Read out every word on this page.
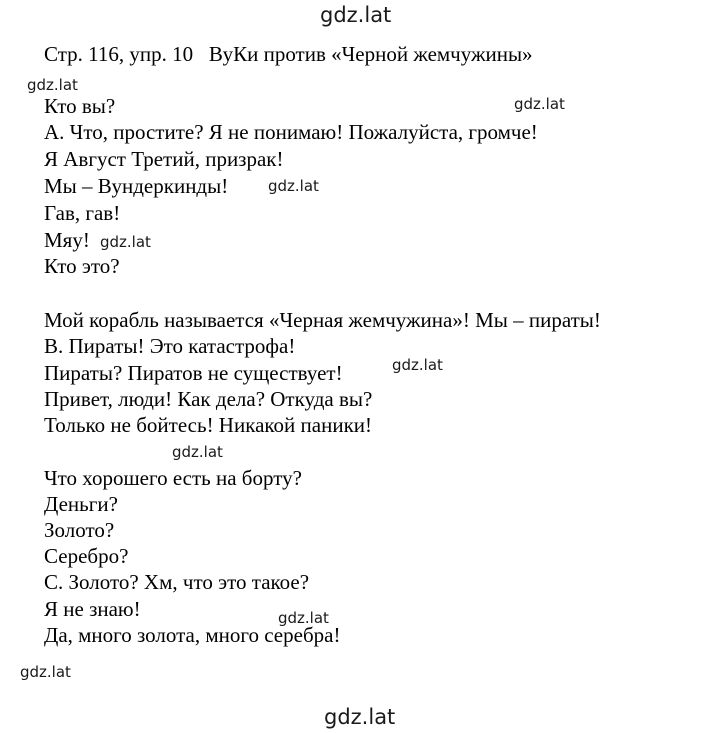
gdz.lat
gdz.lat
gdz.lat
gdz.lat
gdz.lat
gdz.lat
gdz.lat
gdz.lat
gdz.lat
gdz.lat
Стр. 116, упр. 10   ВуКи против «Черной жемчужины»
Кто вы?
А. Что, простите? Я не понимаю! Пожалуйста, громче!
Я Август Третий, призрак!
Мы – Вундеркинды!
Гав, гав!
Мяу!
Кто это?
Мой корабль называется «Черная жемчужина»! Мы – пираты!
В. Пираты! Это катастрофа!
Пираты? Пиратов не существует!
Привет, люди! Как дела? Откуда вы?
Только не бойтесь! Никакой паники!
Что хорошего есть на борту?
Деньги?
Золото?
Серебро?
С. Золото? Хм, что это такое?
Я не знаю!
Да, много золота, много серебра!
